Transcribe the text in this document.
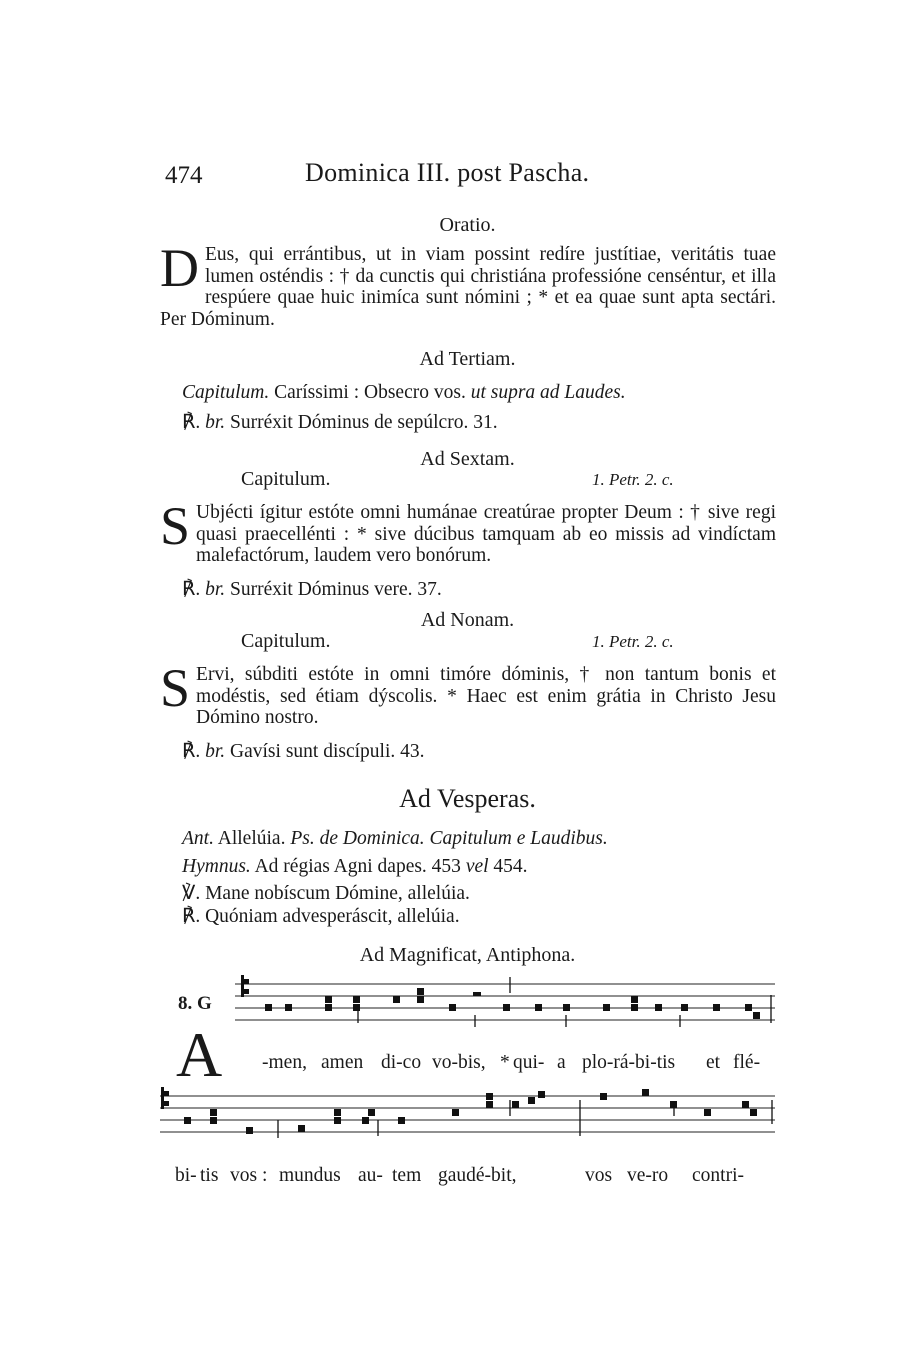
474	Dominica III. post Pascha.
Oratio.

D Eus, qui errántibus, ut in viam possint redíre justítiae, veritátis tuae lumen osténdis : † da cunctis qui christiána professióne censéntur, et illa respúere quae huic inimíca sunt nómini ; * et ea quae sunt apta sectári. Per Dóminum.

Ad Tertiam.
Capitulum. Caríssimi : Obsecro vos. ut supra ad Laudes.
℟. br. Surréxit Dóminus de sepúlcro. 31.
Ad Sextam.
Capitulum.	1. Petr. 2. c.

S Ubjécti ígitur estóte omni humánae creatúrae propter Deum : † sive regi quasi praecellénti : * sive dúcibus tamquam ab eo missis ad vindíctam malefactórum, laudem vero bonórum.

℟. br. Surréxit Dóminus vere. 37.
Ad Nonam.
Capitulum.	1. Petr. 2. c.

S Ervi, súbditi estóte in omni timóre dóminis, † non tantum bonis et modéstis, sed étiam dýscolis. * Haec est enim grátia in Christo Jesu Dómino nostro.

℟. br. Gavísi sunt discípuli. 43.
Ad Vesperas.
Ant. Allelúia. Ps. de Dominica. Capitulum e Laudibus.
Hymnus. Ad régias Agni dapes. 453 vel 454.
℣. Mane nobíscum Dómine, allelúia.
℟. Quóniam advesperáscit, allelúia.
Ad Magnificat, Antiphona.
8. G
A -men, amen di-co vo-bis, * qui- a plo-rá-bi-tis et flé-
bi- tis vos : mundus au- tem gaudé-bit,	vos ve-ro contri-
